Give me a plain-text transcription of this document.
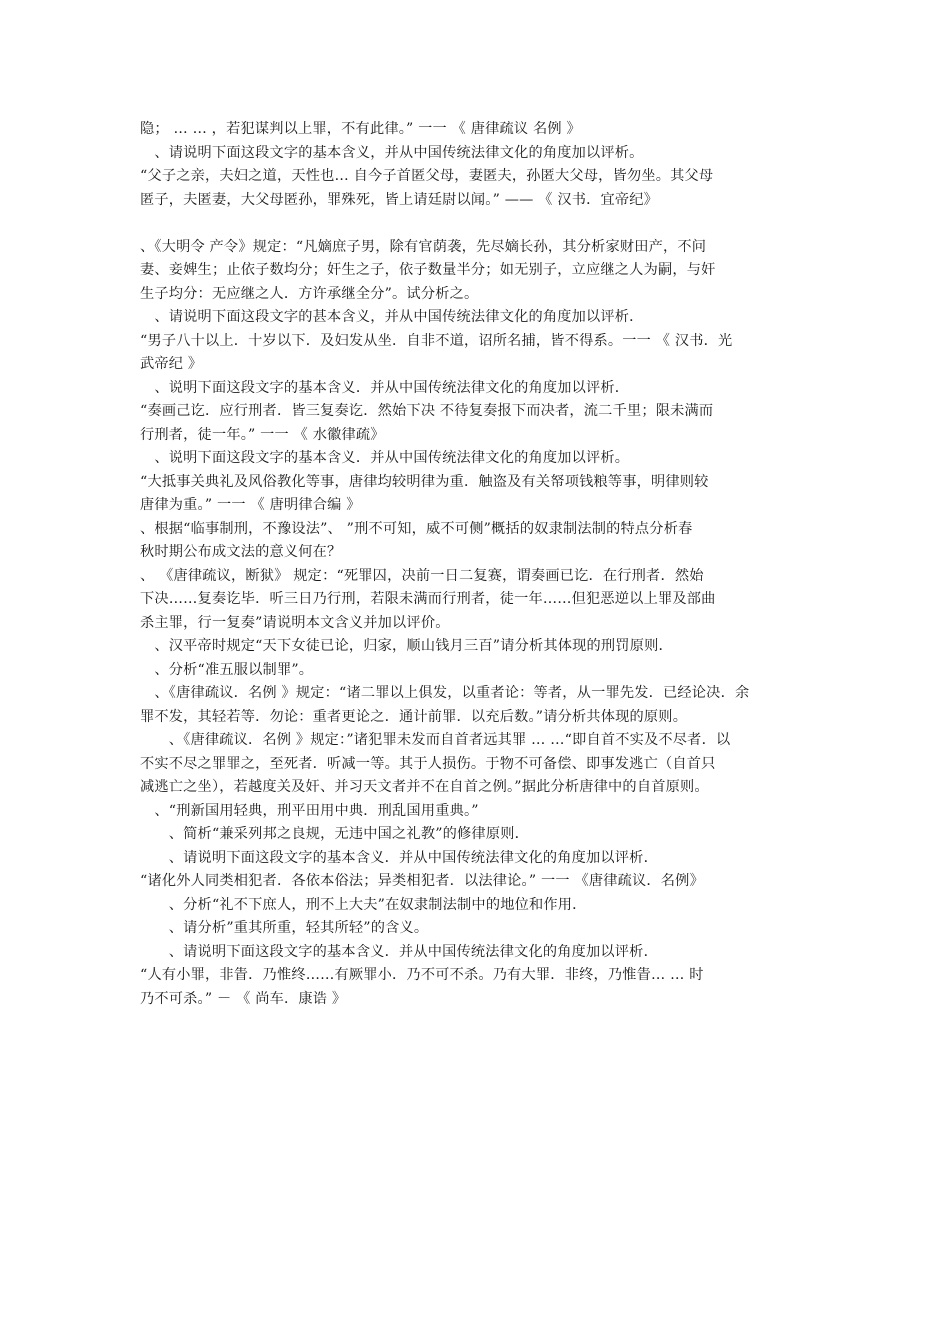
隐； … … ，若犯谋判以上罪，不有此律。” 一一 《 唐律疏议 名例 》
　、请说明下面这段文字的基本含义，并从中国传统法律文化的角度加以评析。
“父子之亲，夫妇之道，天性也… 自今子首匿父母，妻匿夫，孙匿大父母，皆勿坐。其父母
匿子，夫匿妻，大父母匿孙，罪殊死，皆上请廷尉以闻。” —— 《 汉书．宜帝纪》
、《大明令 产令》规定：“凡嫡庶子男，除有官荫袭，先尽嫡长孙，其分析家财田产，不问
妻、妾婢生；止依子数均分；奸生之子，依子数量半分；如无别子，立应继之人为嗣，与奸
生子均分：无应继之人．方许承继全分”。试分析之。
　、请说明下面这段文字的甚本含义，并从中国传统法律文化的角度加以评析．
“男子八十以上．十岁以下．及妇发从坐．自非不道，诏所名捕，皆不得系。一一 《 汉书．光
武帝纪 》
　、说明下面这段文字的基本含义．并从中国传统法律文化的角度加以评析．
“奏画己讫．应行刑者．皆三复奏讫．然始下决 不待复奏报下而决者，流二千里；限未满而
行刑者，徒一年。” 一一 《 水徽律疏》
　、说明下面这段文字的基本含义．并从中国传统法律文化的角度加以评析。
“大抵事关典礼及风俗教化等事，唐律均较明律为重．触盗及有关帑项钱粮等事，明律则较
唐律为重。” 一一 《 唐明律合编 》
、根据“临事制刑，不豫设法”、 ”刑不可知，威不可侧”概括的奴隶制法制的特点分析春
秋时期公布成文法的意义何在？
、 《唐律疏议，断狱》 规定：“死罪囚，决前一日二复赛，谓奏画已讫．在行刑者．然始
下决……复奏讫毕．听三日乃行刑，若限未满而行刑者，徒一年……但犯恶逆以上罪及部曲
杀主罪，行一复奏”请说明本文含义并加以评价。
　、汉平帝时规定“天下女徒已论，归家，顺山钱月三百”请分析其体现的刑罚原则．
　、分析“准五服以制罪”。
　、《唐律疏议．名例 》规定：“诸二罪以上俱发，以重者论：等者，从一罪先发．已经论决．余
罪不发，其轻若等．勿论：重者更论之．通计前罪．以充后数。”请分析共体现的原则。
　　、《唐律疏议．名例 》规定：”诸犯罪未发而自首者远其罪 … …“即自首不实及不尽者．以
不实不尽之罪罪之，至死者．听减一等。其于人损伤。于物不可备偿、即事发逃亡（自首只
减逃亡之坐），若越度关及奸、并习天文者并不在自首之例。”据此分析唐律中的自首原则。
　、“刑新国用轻典，刑平田用中典．刑乱国用重典。”
　　、简析“兼采列邦之良规，无违中国之礼教”的修律原则．
　　、请说明下面这段文字的基本含义．并从中国传统法律文化的角度加以评析．
“诸化外人同类相犯者．各依本俗法；异类相犯者．以法律论。” 一一 《唐律疏议．名例》
　　、分析“礼不下庶人，刑不上大夫”在奴隶制法制中的地位和作用．
　　、请分析”重其所重，轻其所轻”的含义。
　　、请说明下面这段文字的基本含义．并从中国传统法律文化的角度加以评析．
“人有小罪，非眚．乃惟终……有厥罪小．乃不可不杀。乃有大罪．非终，乃惟眚… … 时
乃不可杀。” － 《 尚车．康诰 》
